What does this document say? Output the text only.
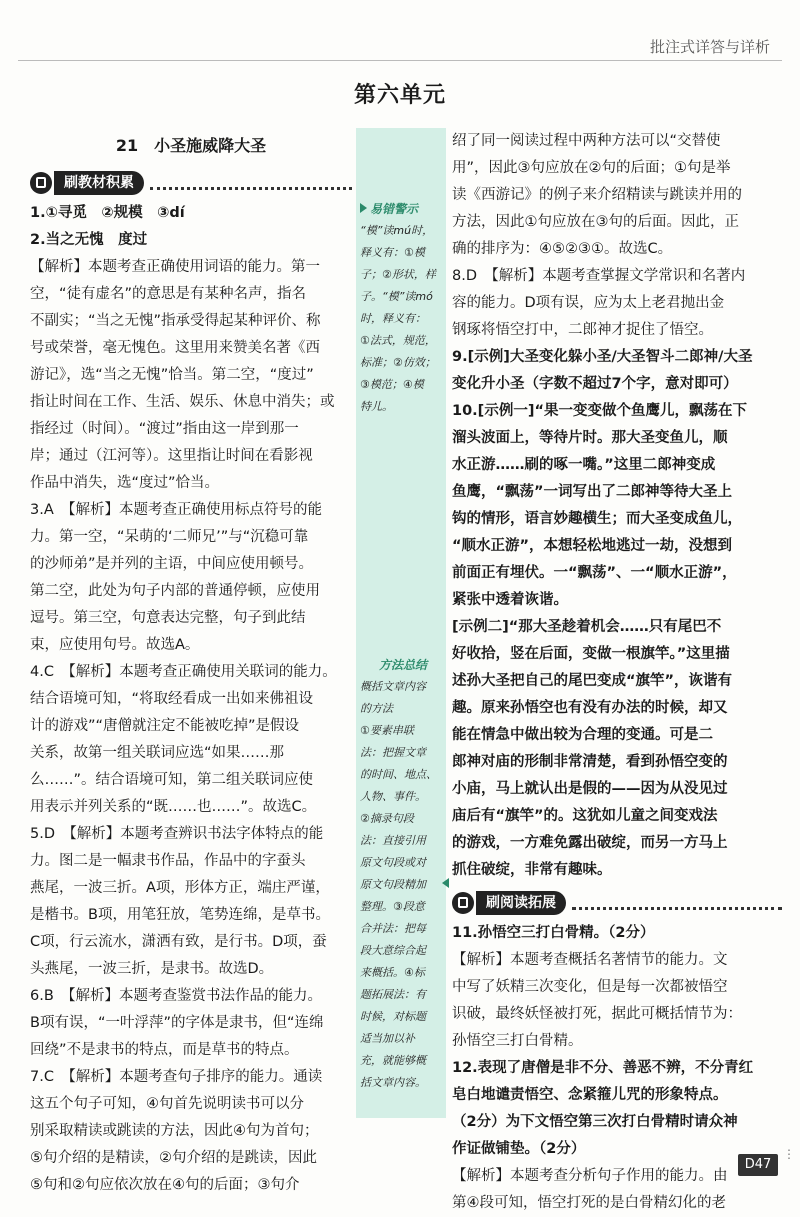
批注式详答与详析
第六单元
易错警示
“模”读mú时，
释义有：①模
子；②形状，样
子。“模”读mó
时，释义有：
①法式，规范，
标准；②仿效；
③模范；④模
特儿。
方法总结
概括文章内容
的方法
①要素串联
法：把握文章
的时间、地点、
人物、事件。
②摘录句段
法：直接引用
原文句段或对
原文句段精加
整理。③段意
合并法：把每
段大意综合起
来概括。④标
题拓展法：有
时候，对标题
适当加以补
充，就能够概
括文章内容。
21　小圣施威降大圣
刷教材积累
1.①寻觅　②规模　③dí
2.当之无愧　度过
【解析】本题考查正确使用词语的能力。第一
空，“徒有虚名”的意思是有某种名声，指名
不副实；“当之无愧”指承受得起某种评价、称
号或荣誉，毫无愧色。这里用来赞美名著《西
游记》，选“当之无愧”恰当。第二空，“度过”
指让时间在工作、生活、娱乐、休息中消失；或
指经过（时间）。“渡过”指由这一岸到那一
岸；通过（江河等）。这里指让时间在看影视
作品中消失，选“度过”恰当。
3.A　【解析】本题考查正确使用标点符号的能
力。第一空，“呆萌的‘二师兄’”与“沉稳可靠
的沙师弟”是并列的主语，中间应使用顿号。
第二空，此处为句子内部的普通停顿，应使用
逗号。第三空，句意表达完整，句子到此结
束，应使用句号。故选A。
4.C　【解析】本题考查正确使用关联词的能力。
结合语境可知，“将取经看成一出如来佛祖设
计的游戏”“唐僧就注定不能被吃掉”是假设
关系，故第一组关联词应选“如果……那
么……”。结合语境可知，第二组关联词应使
用表示并列关系的“既……也……”。故选C。
5.D　【解析】本题考查辨识书法字体特点的能
力。图二是一幅隶书作品，作品中的字蚕头
燕尾，一波三折。A项，形体方正，端庄严谨，
是楷书。B项，用笔狂放，笔势连绵，是草书。
C项，行云流水，潇洒有致，是行书。D项，蚕
头燕尾，一波三折，是隶书。故选D。
6.B　【解析】本题考查鉴赏书法作品的能力。
B项有误，“一叶浮萍”的字体是隶书，但“连绵
回绕”不是隶书的特点，而是草书的特点。
7.C　【解析】本题考查句子排序的能力。通读
这五个句子可知，④句首先说明读书可以分
别采取精读或跳读的方法，因此④句为首句；
⑤句介绍的是精读，②句介绍的是跳读，因此
⑤句和②句应依次放在④句的后面；③句介
绍了同一阅读过程中两种方法可以“交替使
用”，因此③句应放在②句的后面；①句是举
读《西游记》的例子来介绍精读与跳读并用的
方法，因此①句应放在③句的后面。因此，正
确的排序为：④⑤②③①。故选C。
8.D　【解析】本题考查掌握文学常识和名著内
容的能力。D项有误，应为太上老君抛出金
钢琢将悟空打中，二郎神才捉住了悟空。
9.[示例]大圣变化躲小圣/大圣智斗二郎神/大圣
变化升小圣（字数不超过7个字，意对即可）
10.[示例一]“果一变变做个鱼鹰儿，飘荡在下
溜头波面上，等待片时。那大圣变鱼儿，顺
水正游……刷的啄一嘴。”这里二郎神变成
鱼鹰，“飘荡”一词写出了二郎神等待大圣上
钩的情形，语言妙趣横生；而大圣变成鱼儿，
“顺水正游”，本想轻松地逃过一劫，没想到
前面正有埋伏。一“飘荡”、一“顺水正游”，
紧张中透着诙谐。
[示例二]“那大圣趁着机会……只有尾巴不
好收拾，竖在后面，变做一根旗竿。”这里描
述孙大圣把自己的尾巴变成“旗竿”，诙谐有
趣。原来孙悟空也有没有办法的时候，却又
能在情急中做出较为合理的变通。可是二
郎神对庙的形制非常清楚，看到孙悟空变的
小庙，马上就认出是假的——因为从没见过
庙后有“旗竿”的。这犹如儿童之间变戏法
的游戏，一方难免露出破绽，而另一方马上
抓住破绽，非常有趣味。
刷阅读拓展
11.孙悟空三打白骨精。（2分）
【解析】本题考查概括名著情节的能力。文
中写了妖精三次变化，但是每一次都被悟空
识破，最终妖怪被打死，据此可概括情节为：
孙悟空三打白骨精。
12.表现了唐僧是非不分、善恶不辨，不分青红
皂白地谴责悟空、念紧箍儿咒的形象特点。
（2分）为下文悟空第三次打白骨精时请众神
作证做铺垫。（2分）
【解析】本题考查分析句子作用的能力。由
第④段可知，悟空打死的是白骨精幻化的老
D47
⋮
